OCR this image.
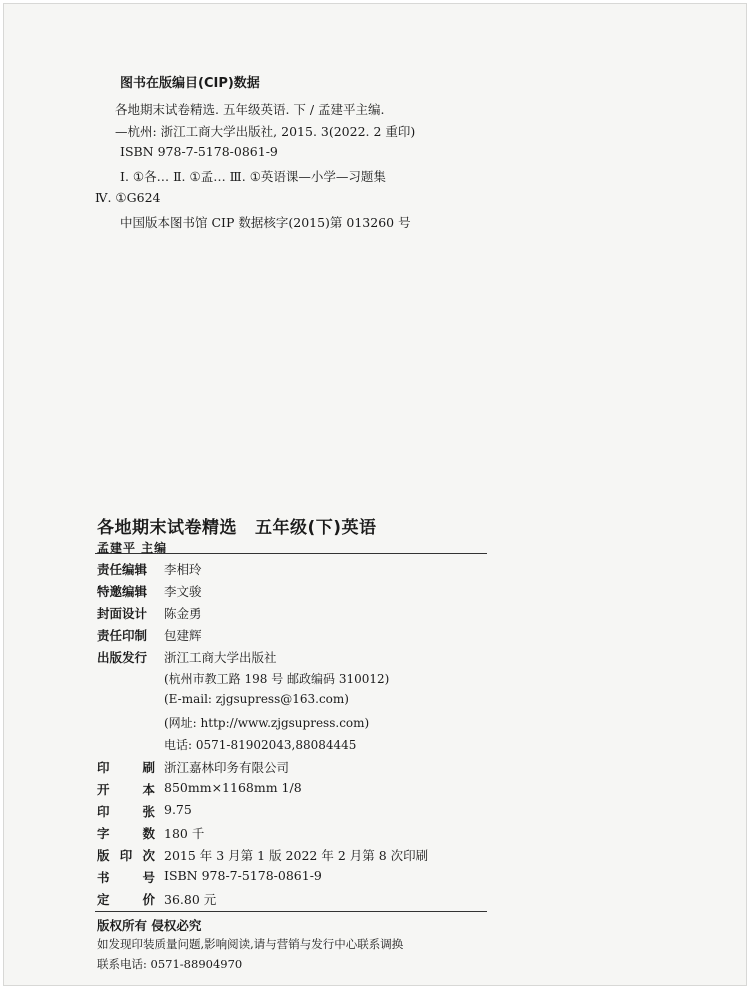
图书在版编目(CIP)数据
各地期末试卷精选. 五年级英语. 下 / 孟建平主编.
—杭州: 浙江工商大学出版社, 2015. 3(2022. 2 重印)
ISBN 978-7-5178-0861-9
Ⅰ. ①各… Ⅱ. ①孟… Ⅲ. ①英语课—小学—习题集
Ⅳ. ①G624
中国版本图书馆 CIP 数据核字(2015)第 013260 号
各地期末试卷精选 五年级(下)英语
孟建平 主编
责任编辑	李相玲
特邀编辑	李文骏
封面设计	陈金勇
责任印制	包建辉
出版发行	浙江工商大学出版社
(杭州市教工路 198 号 邮政编码 310012)
(E-mail: zjgsupress@163.com)
(网址: http://www.zjgsupress.com)
电话: 0571-81902043,88084445
印	刷 浙江嘉林印务有限公司
开	本 850mm×1168mm 1/8
印	张 9.75
字	数 180 千
版 印 次 2015 年 3 月第 1 版 2022 年 2 月第 8 次印刷
书	号 ISBN 978-7-5178-0861-9
定	价 36.80 元
版权所有 侵权必究
如发现印装质量问题,影响阅读,请与营销与发行中心联系调换
联系电话: 0571-88904970
